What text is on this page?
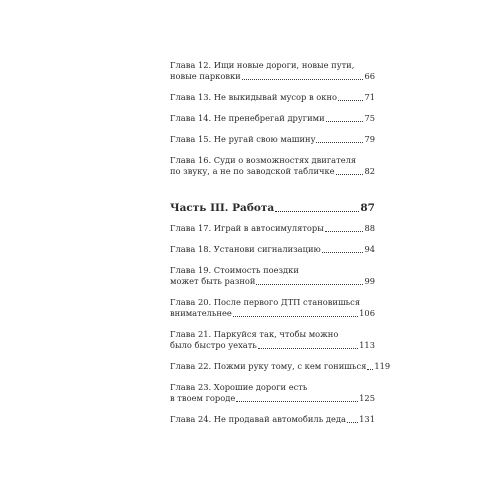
Глава 12. Ищи новые дороги, новые пути,
новые парковки	66
Глава 13. Не выкидывай мусор в окно	71
Глава 14. Не пренебрегай другими	75
Глава 15. Не ругай свою машину	79
Глава 16. Суди о возможностях двигателя
по звуку, а не по заводской табличке	82
Часть III. Работа	87
Глава 17. Играй в автосимуляторы	88
Глава 18. Установи сигнализацию	94
Глава 19. Стоимость поездки
может быть разной	99
Глава 20. После первого ДТП становишься
внимательнее	106
Глава 21. Паркуйся так, чтобы можно
было быстро уехать	113
Глава 22. Пожми руку тому, с кем гонишься 119
Глава 23. Хорошие дороги есть
в твоем городе	125
Глава 24. Не продавай автомобиль деда 131
